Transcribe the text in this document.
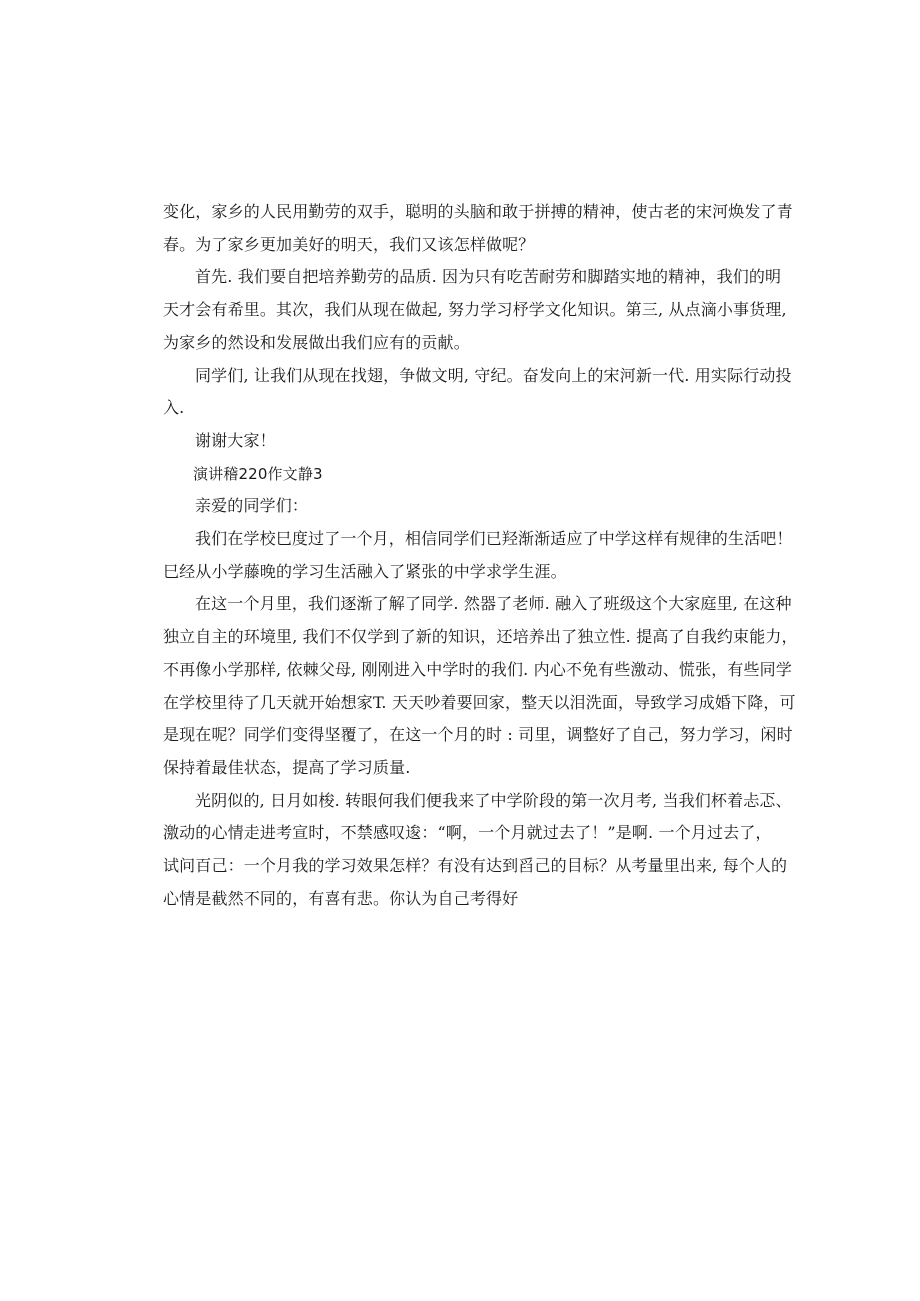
变化，家乡的人民用勤劳的双手，聪明的头脑和敢于拼搏的精神，使古老的宋河焕发了青
春。为了家乡更加美好的明天，我们又该怎样做呢？

首先. 我们要自把培养勤劳的品质. 因为只有吃苦耐劳和脚踏实地的精神，我们的明
天才会有希里。其次，我们从现在做起, 努力学习杼学文化知识。第三, 从点滴小事货理,
为家乡的然设和发展做出我们应有的贡献。

同学们, 让我们从现在找翅，争做文明, 守纪。奋发向上的宋河新一代. 用实际行动投
入.

谢谢大家！

演讲稽220作文静3

亲爱的同学们：

我们在学校巳度过了一个月，相信同学们已羟渐渐适应了中学这样有规律的生活吧！
巳经从小学藤晚的学习生活融入了紧张的中学求学生涯。

在这一个月里，我们逐渐了解了同学. 然器了老师. 融入了班级这个大家庭里, 在这种
独立自主的环境里, 我们不仅学到了新的知识，还培养出了独立性. 提高了自我约束能力，
不再像小学那样, 依棘父母, 刚刚进入中学时的我们. 内心不免有些激动、慌张，有些同学
在学校里待了几天就开始想家T. 天天吵着要回家，整天以泪洗面，导致学习成婚下降，可
是现在呢？同学们变得坚覆了，在这一个月的时 : 司里，调整好了自己，努力学习，闲时
保持着最佳状态，提高了学习质量.

光阴似的, 日月如梭. 转眼何我们便我来了中学阶段的第一次月考, 当我们杯着忐忑、
激动的心情走进考宣时，不禁感叹逡：“啊，一个月就过去了！”是啊. 一个月过去了，
试问百己：一个月我的学习效果怎样？有没有达到舀己的目标？从考量里出来, 每个人的
心情是截然不同的，有喜有悲。你认为自己考得好
